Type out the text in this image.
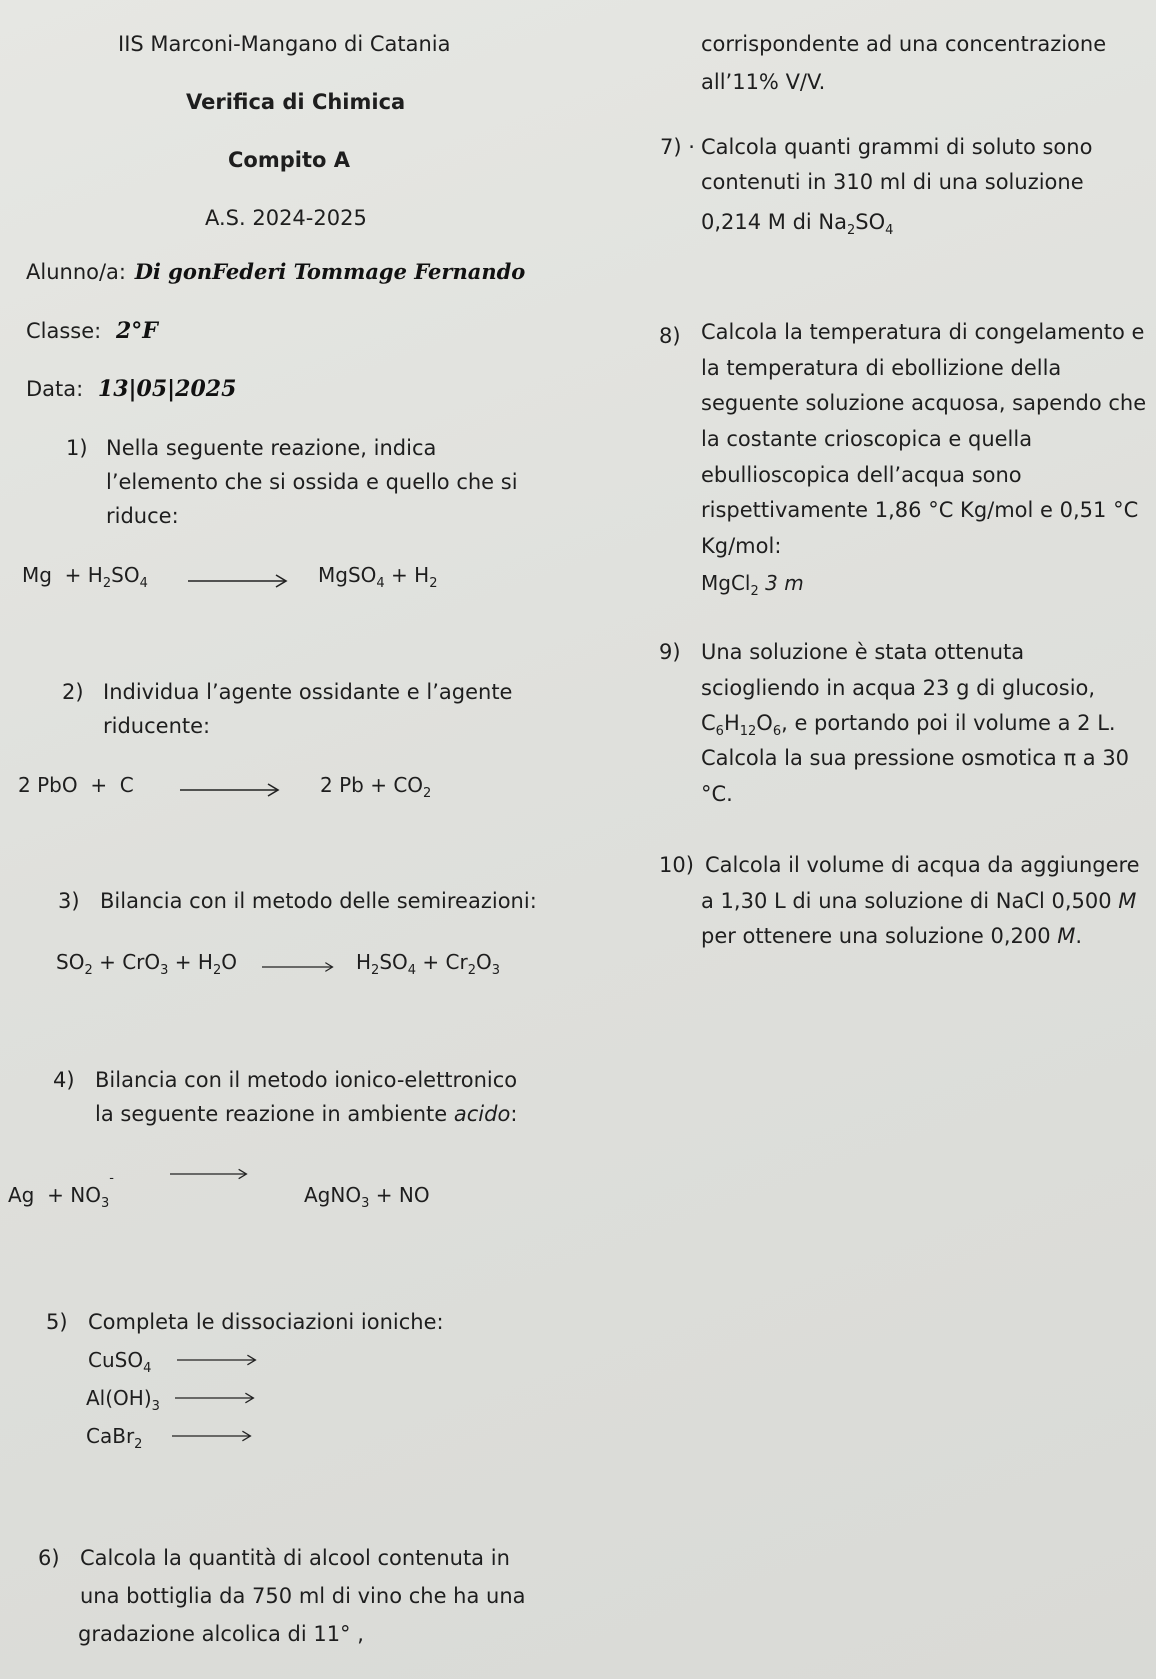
IIS Marconi-Mangano di Catania
Verifica di Chimica
Compito A
A.S. 2024-2025
Alunno/a: Di gonFederi Tommage Fernando
Classe: 2°F
Data: 13|05|2025
1) Nella seguente reazione, indica
l’elemento che si ossida e quello che si
riduce:
$Mg + H_2SO_4$	MgSO$_4$ + $H_2$
2) Individua l’agente ossidante e l’agente
riducente:
2 PbO + C	2 $Pb + CO_2$
3) Bilancia con il metodo delle semireazioni:
$SO_2 + CrO_3 + H_2O$	$H_2SO_4 + Cr_2O_3$
4) Bilancia con il metodo ionico-elettronico
la seguente reazione in ambiente acido:
$Ag + NO_3^-$
AgNO$_3$ + NO
5) Completa le dissociazioni ioniche:
CuSO$_4$
$Al(OH)_3$
CaBr$_2$
6) Calcola la quantità di alcool contenuta in
una bottiglia da 750 ml di vino che ha una
gradazione alcolica di 11° ,
corrispondente ad una concentrazione
all’11% V/V.
7) · Calcola quanti grammi di soluto sono
contenuti in 310 ml di una soluzione
0,214 M di $Na_2SO_4$
8) Calcola la temperatura di congelamento e
la temperatura di ebollizione della
seguente soluzione acquosa, sapendo che
la costante crioscopica e quella
ebullioscopica dell’acqua sono
rispettivamente 1,86 °C Kg/mol e 0,51 °C
Kg/mol:
MgCl$_2$ 3 m
9) Una soluzione è stata ottenuta
sciogliendo in acqua 23 g di glucosio,
$C_6H_{12}O_6$, e portando poi il volume a 2 L.
Calcola la sua pressione osmotica π a 30
°C.
10) Calcola il volume di acqua da aggiungere
a 1,30 L di una soluzione di NaCl 0,500 M
per ottenere una soluzione 0,200 M.
